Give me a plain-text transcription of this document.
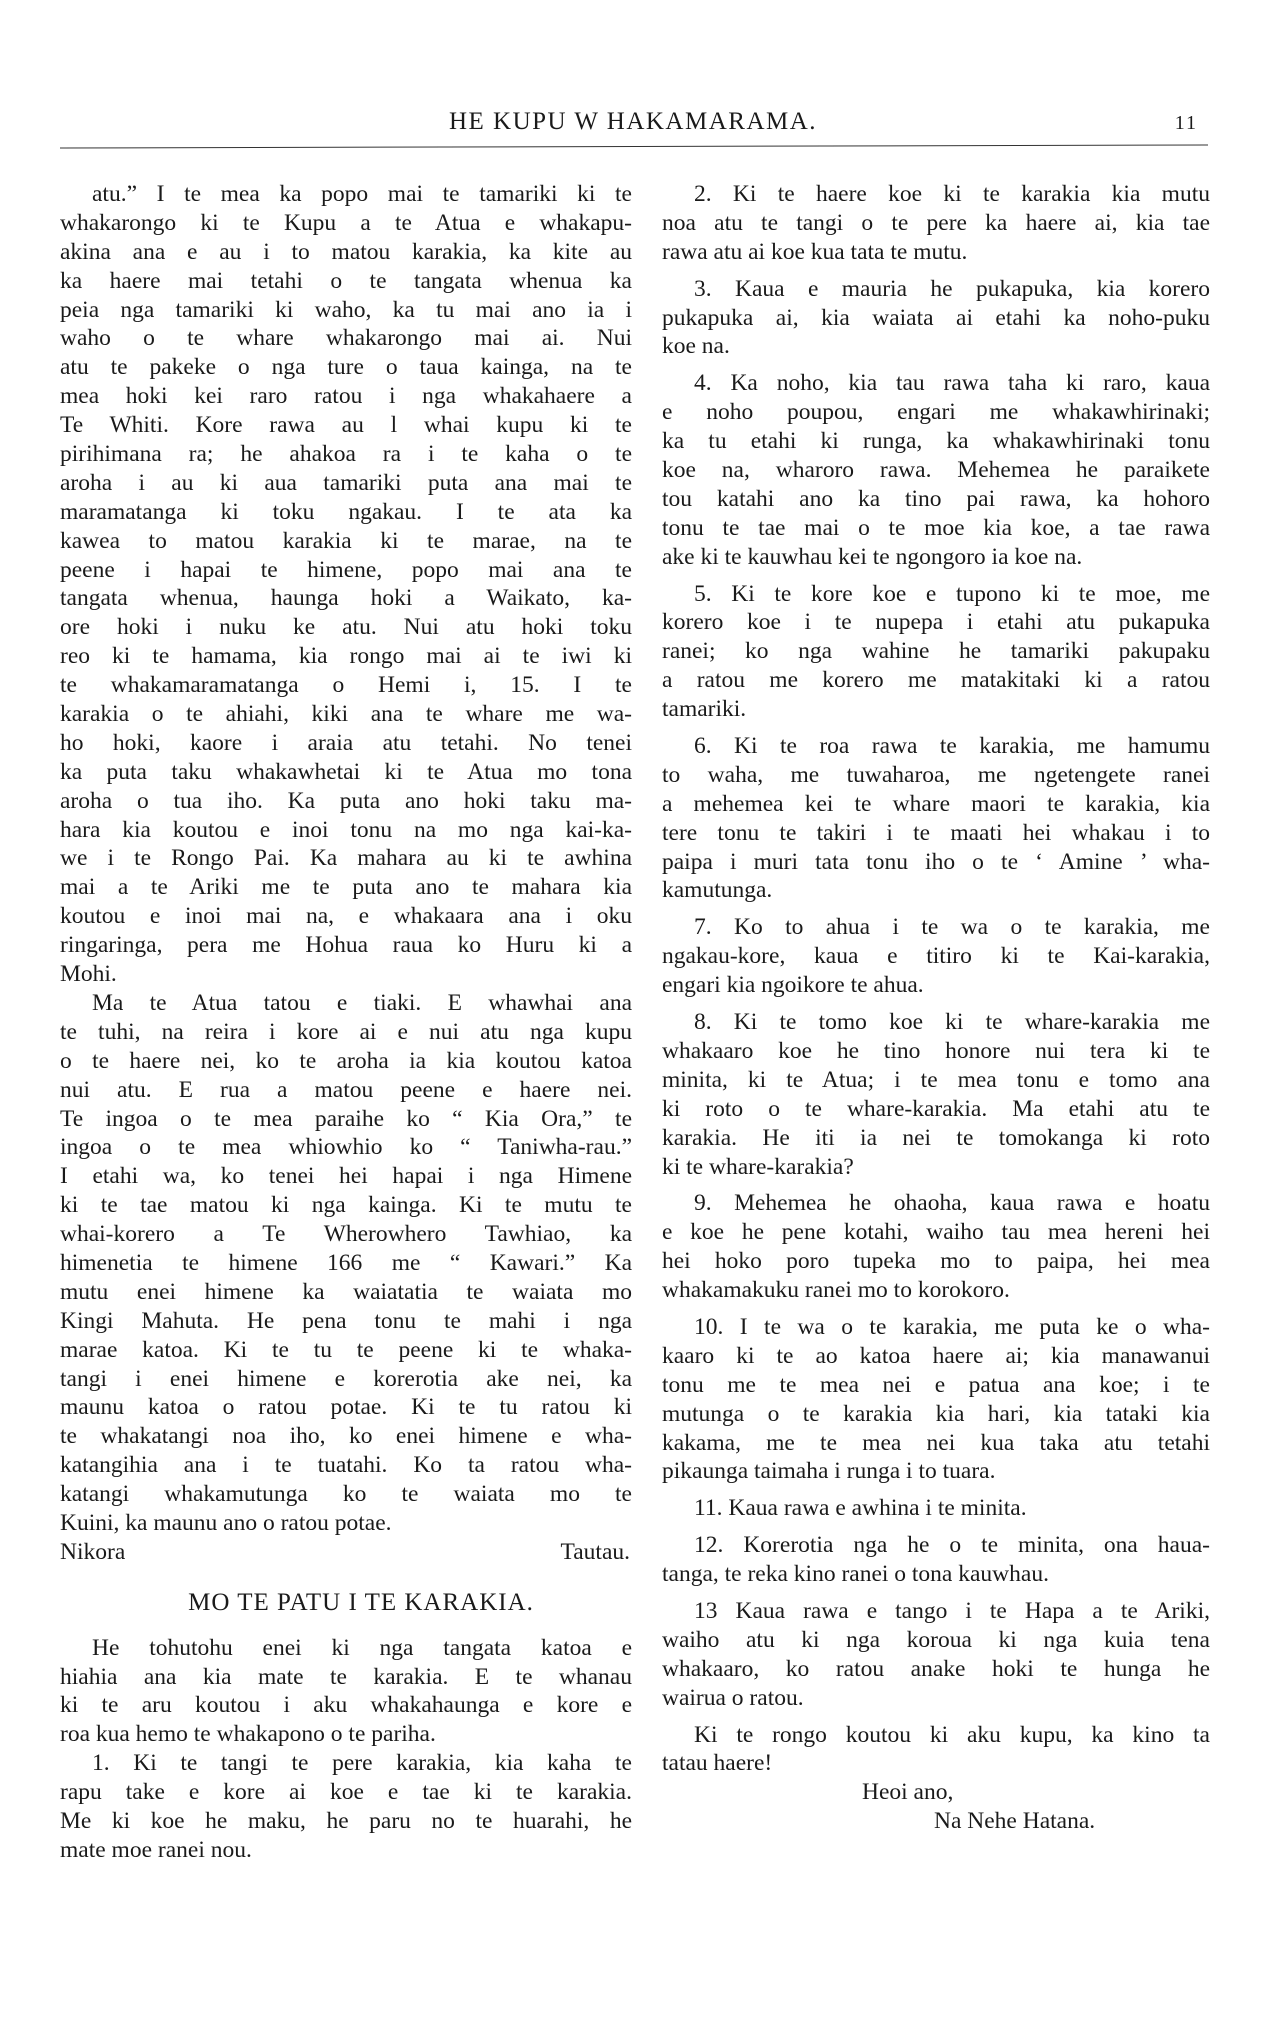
HE KUPU W HAKAMARAMA.	11
atu.” I te mea ka popo mai te tamariki ki te
whakarongo ki te Kupu a te Atua e whakapu-
akina ana e au i to matou karakia, ka kite au
ka haere mai tetahi o te tangata whenua ka
peia nga tamariki ki waho, ka tu mai ano ia i
waho o te whare whakarongo mai ai. Nui
atu te pakeke o nga ture o taua kainga, na te
mea hoki kei raro ratou i nga whakahaere a
Te Whiti. Kore rawa au l whai kupu ki te
pirihimana ra; he ahakoa ra i te kaha o te
aroha i au ki aua tamariki puta ana mai te
maramatanga ki toku ngakau. I te ata ka
kawea to matou karakia ki te marae, na te
peene i hapai te himene, popo mai ana te
tangata whenua, haunga hoki a Waikato, ka-
ore hoki i nuku ke atu. Nui atu hoki toku
reo ki te hamama, kia rongo mai ai te iwi ki
te whakamaramatanga o Hemi i, 15. I te
karakia o te ahiahi, kiki ana te whare me wa-
ho hoki, kaore i araia atu tetahi. No tenei
ka puta taku whakawhetai ki te Atua mo tona
aroha o tua iho. Ka puta ano hoki taku ma-
hara kia koutou e inoi tonu na mo nga kai-ka-
we i te Rongo Pai. Ka mahara au ki te awhina
mai a te Ariki me te puta ano te mahara kia
koutou e inoi mai na, e whakaara ana i oku
ringaringa, pera me Hohua raua ko Huru ki a
Mohi.
Ma te Atua tatou e tiaki. E whawhai ana
te tuhi, na reira i kore ai e nui atu nga kupu
o te haere nei, ko te aroha ia kia koutou katoa
nui atu. E rua a matou peene e haere nei.
Te ingoa o te mea paraihe ko “ Kia Ora,” te
ingoa o te mea whiowhio ko “ Taniwha-rau.”
I etahi wa, ko tenei hei hapai i nga Himene
ki te tae matou ki nga kainga. Ki te mutu te
whai-korero a Te Wherowhero Tawhiao, ka
himenetia te himene 166 me “ Kawari.” Ka
mutu enei himene ka waiatatia te waiata mo
Kingi Mahuta. He pena tonu te mahi i nga
marae katoa. Ki te tu te peene ki te whaka-
tangi i enei himene e korerotia ake nei, ka
maunu katoa o ratou potae. Ki te tu ratou ki
te whakatangi noa iho, ko enei himene e wha-
katangihia ana i te tuatahi. Ko ta ratou wha-
katangi whakamutunga ko te waiata mo te
Kuini, ka maunu ano o ratou potae.
Nikora Tautau.
MO TE PATU I TE KARAKIA.
He tohutohu enei ki nga tangata katoa e
hiahia ana kia mate te karakia. E te whanau
ki te aru koutou i aku whakahaunga e kore e
roa kua hemo te whakapono o te pariha.
1. Ki te tangi te pere karakia, kia kaha te
rapu take e kore ai koe e tae ki te karakia.
Me ki koe he maku, he paru no te huarahi, he
mate moe ranei nou.
2. Ki te haere koe ki te karakia kia mutu
noa atu te tangi o te pere ka haere ai, kia tae
rawa atu ai koe kua tata te mutu.
3. Kaua e mauria he pukapuka, kia korero
pukapuka ai, kia waiata ai etahi ka noho-puku
koe na.
4. Ka noho, kia tau rawa taha ki raro, kaua
e noho poupou, engari me whakawhirinaki;
ka tu etahi ki runga, ka whakawhirinaki tonu
koe na, wharoro rawa. Mehemea he paraikete
tou katahi ano ka tino pai rawa, ka hohoro
tonu te tae mai o te moe kia koe, a tae rawa
ake ki te kauwhau kei te ngongoro ia koe na.
5. Ki te kore koe e tupono ki te moe, me
korero koe i te nupepa i etahi atu pukapuka
ranei; ko nga wahine he tamariki pakupaku
a ratou me korero me matakitaki ki a ratou
tamariki.
6. Ki te roa rawa te karakia, me hamumu
to waha, me tuwaharoa, me ngetengete ranei
a mehemea kei te whare maori te karakia, kia
tere tonu te takiri i te maati hei whakau i to
paipa i muri tata tonu iho o te ‘ Amine ’ wha-
kamutunga.
7. Ko to ahua i te wa o te karakia, me
ngakau-kore, kaua e titiro ki te Kai-karakia,
engari kia ngoikore te ahua.
8. Ki te tomo koe ki te whare-karakia me
whakaaro koe he tino honore nui tera ki te
minita, ki te Atua; i te mea tonu e tomo ana
ki roto o te whare-karakia. Ma etahi atu te
karakia. He iti ia nei te tomokanga ki roto
ki te whare-karakia?
9. Mehemea he ohaoha, kaua rawa e hoatu
e koe he pene kotahi, waiho tau mea hereni hei
hei hoko poro tupeka mo to paipa, hei mea
whakamakuku ranei mo to korokoro.
10. I te wa o te karakia, me puta ke o wha-
kaaro ki te ao katoa haere ai; kia manawanui
tonu me te mea nei e patua ana koe; i te
mutunga o te karakia kia hari, kia tataki kia
kakama, me te mea nei kua taka atu tetahi
pikaunga taimaha i runga i to tuara.
11. Kaua rawa e awhina i te minita.
12. Korerotia nga he o te minita, ona haua-
tanga, te reka kino ranei o tona kauwhau.
13 Kaua rawa e tango i te Hapa a te Ariki,
waiho atu ki nga koroua ki nga kuia tena
whakaaro, ko ratou anake hoki te hunga he
wairua o ratou.
Ki te rongo koutou ki aku kupu, ka kino ta
tatau haere!
Heoi ano,
Na Nehe Hatana.
